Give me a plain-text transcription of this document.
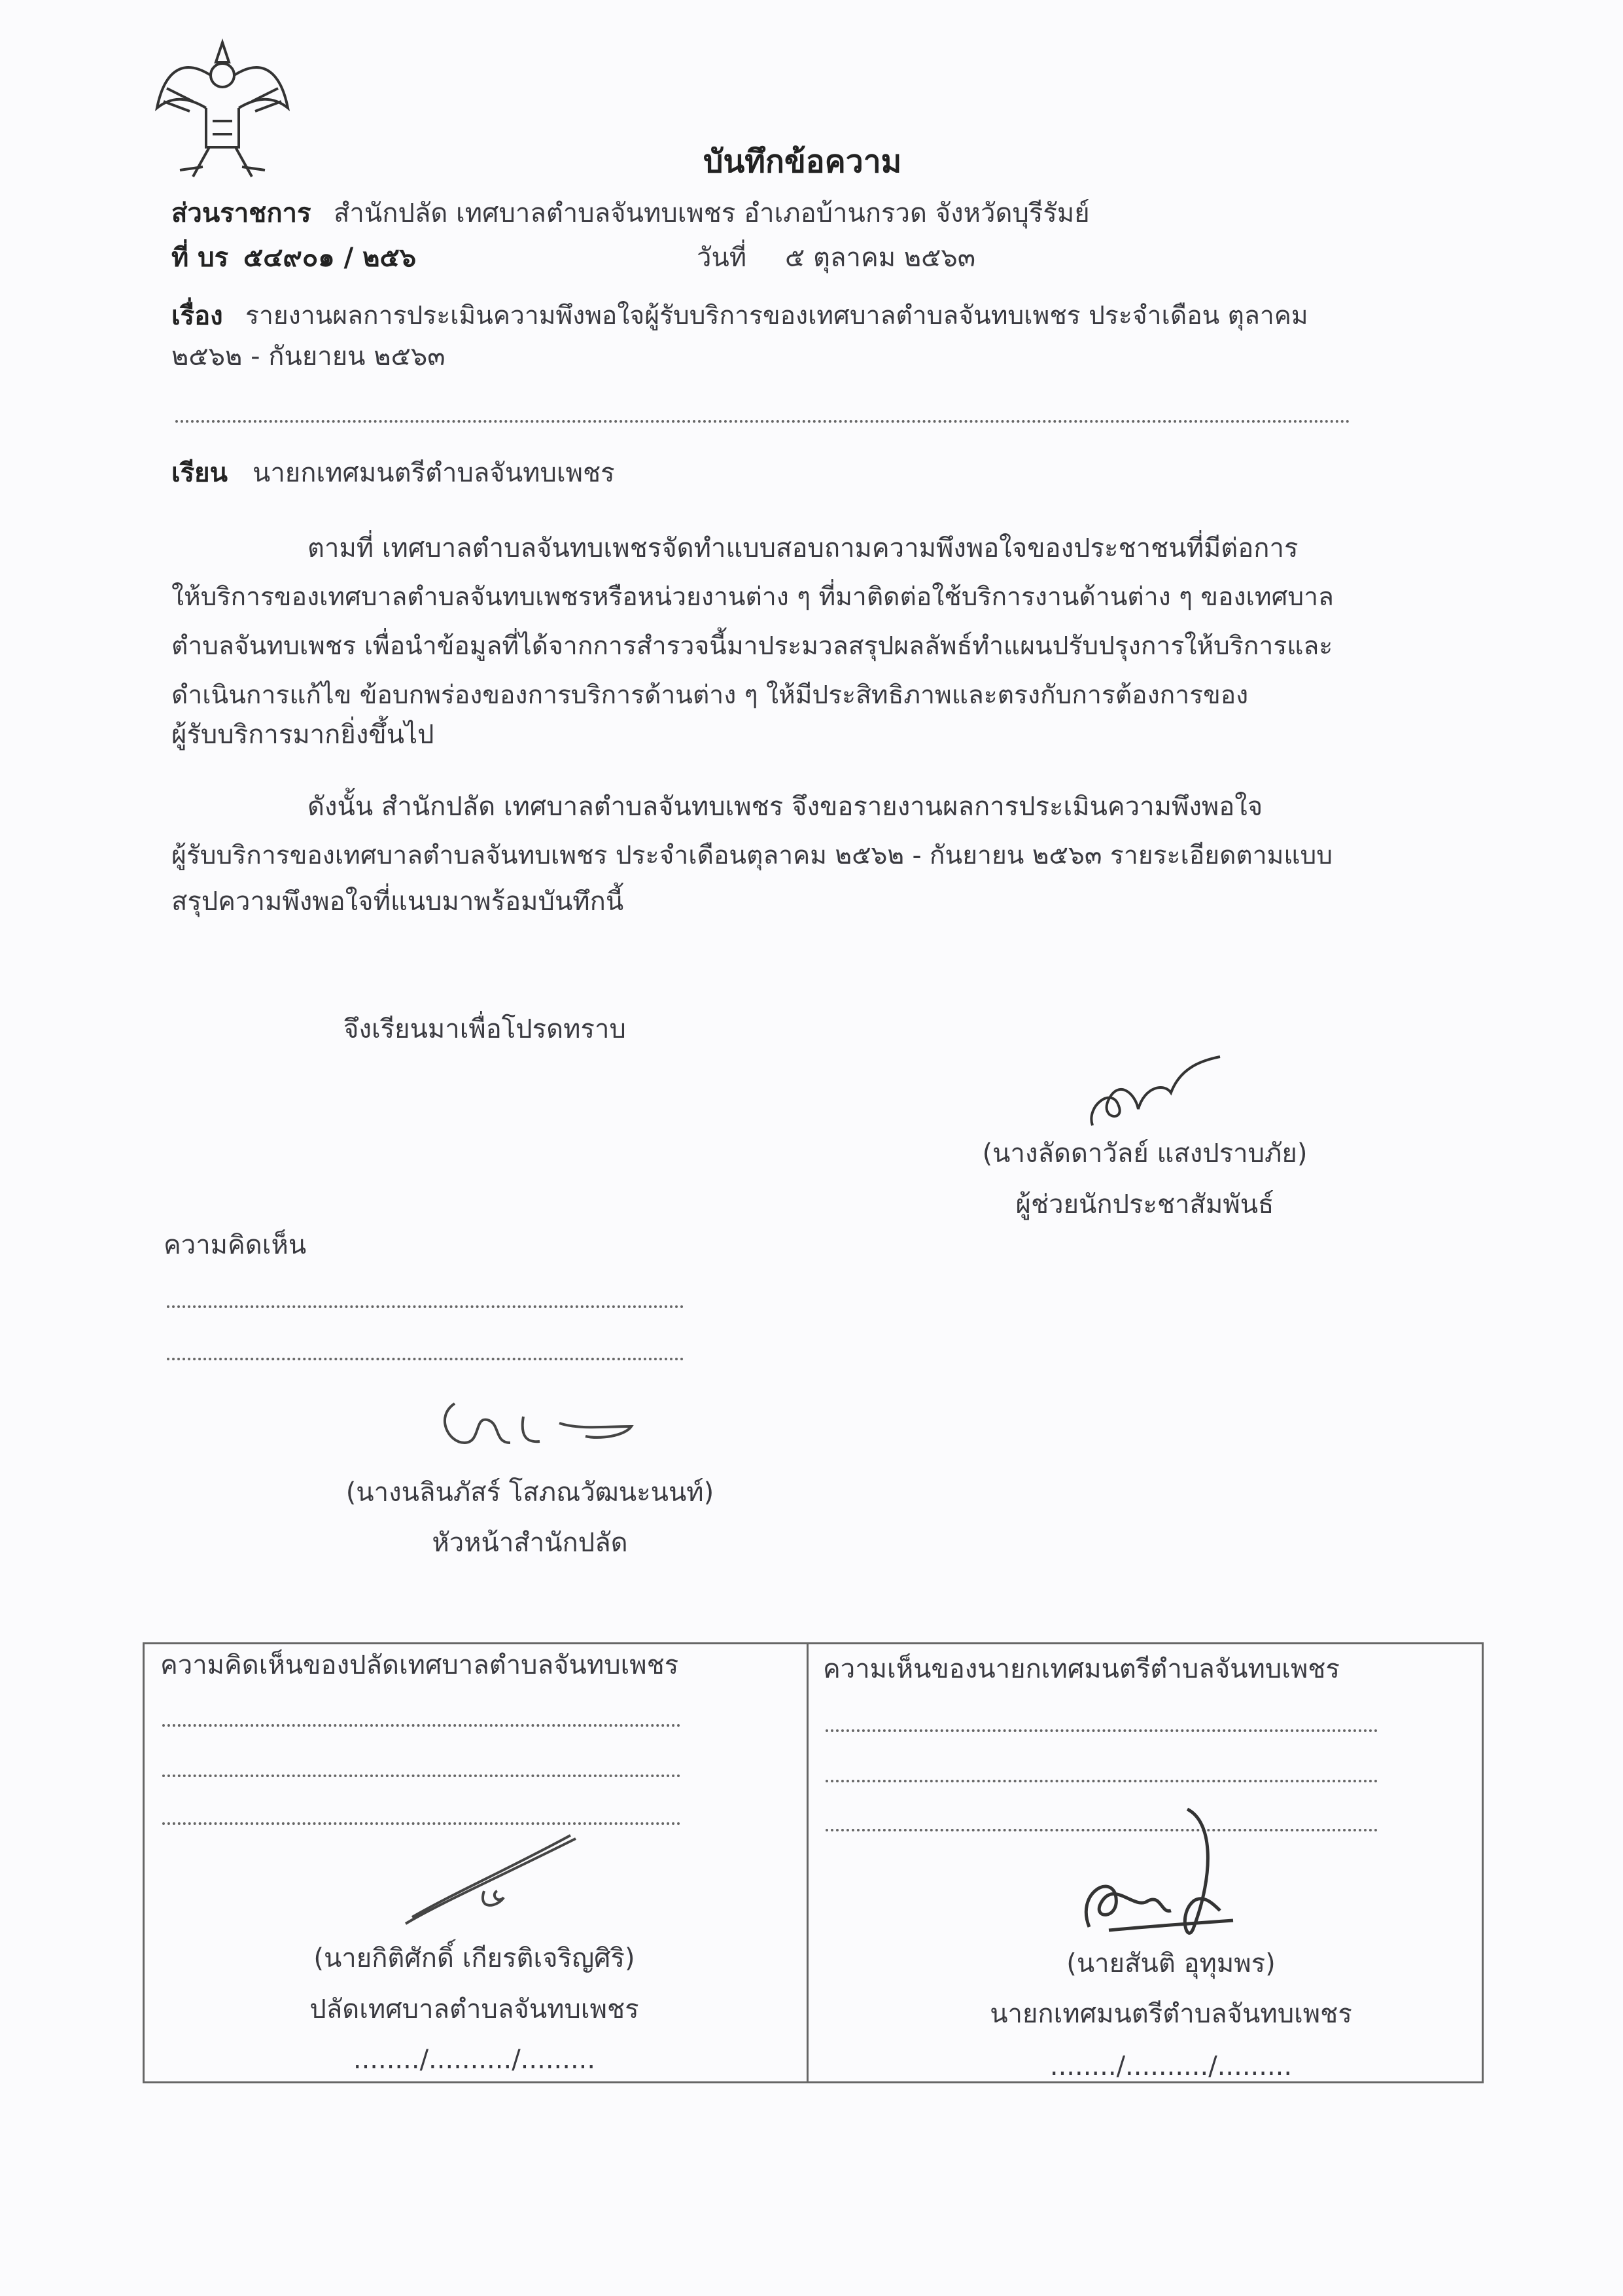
บันทึกข้อความ
ส่วนราชการ สำนักปลัด เทศบาลตำบลจันทบเพชร อำเภอบ้านกรวด จังหวัดบุรีรัมย์
ที่ บร ๕๔๙๐๑ / ๒๕๖	วันที่ ๕ ตุลาคม ๒๕๖๓
เรื่อง รายงานผลการประเมินความพึงพอใจผู้รับบริการของเทศบาลตำบลจันทบเพชร ประจำเดือน ตุลาคม
๒๕๖๒ - กันยายน ๒๕๖๓
เรียน นายกเทศมนตรีตำบลจันทบเพชร
ตามที่ เทศบาลตำบลจันทบเพชรจัดทำแบบสอบถามความพึงพอใจของประชาชนที่มีต่อการ
ให้บริการของเทศบาลตำบลจันทบเพชรหรือหน่วยงานต่าง ๆ ที่มาติดต่อใช้บริการงานด้านต่าง ๆ ของเทศบาล
ตำบลจันทบเพชร เพื่อนำข้อมูลที่ได้จากการสำรวจนี้มาประมวลสรุปผลลัพธ์ทำแผนปรับปรุงการให้บริการและ
ดำเนินการแก้ไข ข้อบกพร่องของการบริการด้านต่าง ๆ ให้มีประสิทธิภาพและตรงกับการต้องการของ
ผู้รับบริการมากยิ่งขึ้นไป
ดังนั้น สำนักปลัด เทศบาลตำบลจันทบเพชร จึงขอรายงานผลการประเมินความพึงพอใจ
ผู้รับบริการของเทศบาลตำบลจันทบเพชร ประจำเดือนตุลาคม ๒๕๖๒ - กันยายน ๒๕๖๓ รายระเอียดตามแบบ
สรุปความพึงพอใจที่แนบมาพร้อมบันทึกนี้
จึงเรียนมาเพื่อโปรดทราบ
(นางลัดดาวัลย์ แสงปราบภัย)
ผู้ช่วยนักประชาสัมพันธ์
ความคิดเห็น
(นางนลินภัสร์ โสภณวัฒนะนนท์)
หัวหน้าสำนักปลัด
ความคิดเห็นของปลัดเทศบาลตำบลจันทบเพชร
(นายกิติศักดิ์ เกียรติเจริญศิริ)
ปลัดเทศบาลตำบลจันทบเพชร
......../........../.........
ความเห็นของนายกเทศมนตรีตำบลจันทบเพชร
(นายสันติ อุทุมพร)
นายกเทศมนตรีตำบลจันทบเพชร
......../........../.........
